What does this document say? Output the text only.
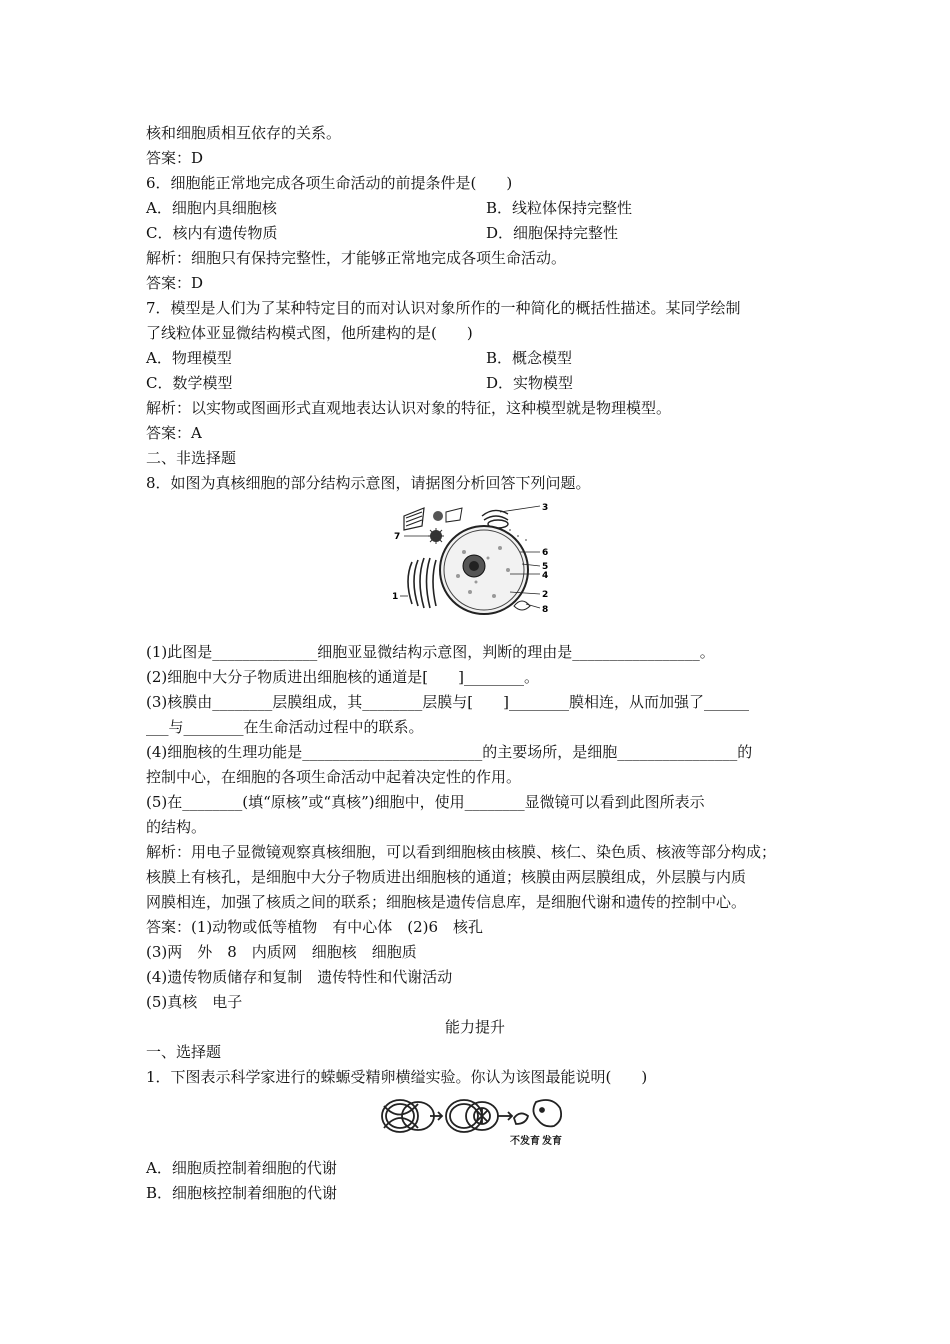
核和细胞质相互依存的关系。
答案：D
6．细胞能正常地完成各项生命活动的前提条件是(　　)
A．细胞内具细胞核	B．线粒体保持完整性
C．核内有遗传物质	D．细胞保持完整性
解析：细胞只有保持完整性，才能够正常地完成各项生命活动。
答案：D
7．模型是人们为了某种特定目的而对认识对象所作的一种简化的概括性描述。某同学绘制
了线粒体亚显微结构模式图，他所建构的是(　　)
A．物理模型	B．概念模型
C．数学模型	D．实物模型
解析：以实物或图画形式直观地表达认识对象的特征，这种模型就是物理模型。
答案：A
二、非选择题
8．如图为真核细胞的部分结构示意图，请据图分析回答下列问题。
3
7
6
5
4
1	2
8
(1)此图是______________细胞亚显微结构示意图，判断的理由是_________________。
(2)细胞中大分子物质进出细胞核的通道是[　　]________。
(3)核膜由________层膜组成，其________层膜与[　　]________膜相连，从而加强了______
___与________在生命活动过程中的联系。
(4)细胞核的生理功能是________________________的主要场所，是细胞________________的
控制中心，在细胞的各项生命活动中起着决定性的作用。
(5)在________(填“原核”或“真核”)细胞中，使用________显微镜可以看到此图所表示
的结构。
解析：用电子显微镜观察真核细胞，可以看到细胞核由核膜、核仁、染色质、核液等部分构成；
核膜上有核孔，是细胞中大分子物质进出细胞核的通道；核膜由两层膜组成，外层膜与内质
网膜相连，加强了核质之间的联系；细胞核是遗传信息库，是细胞代谢和遗传的控制中心。
答案：(1)动物或低等植物　有中心体　(2)6　核孔
(3)两　外　8　内质网　细胞核　细胞质
(4)遗传物质储存和复制　遗传特性和代谢活动
(5)真核　电子
能力提升
一、选择题
1．下图表示科学家进行的蝾螈受精卵横缢实验。你认为该图最能说明(　　)
不发育 发育
A．细胞质控制着细胞的代谢
B．细胞核控制着细胞的代谢
